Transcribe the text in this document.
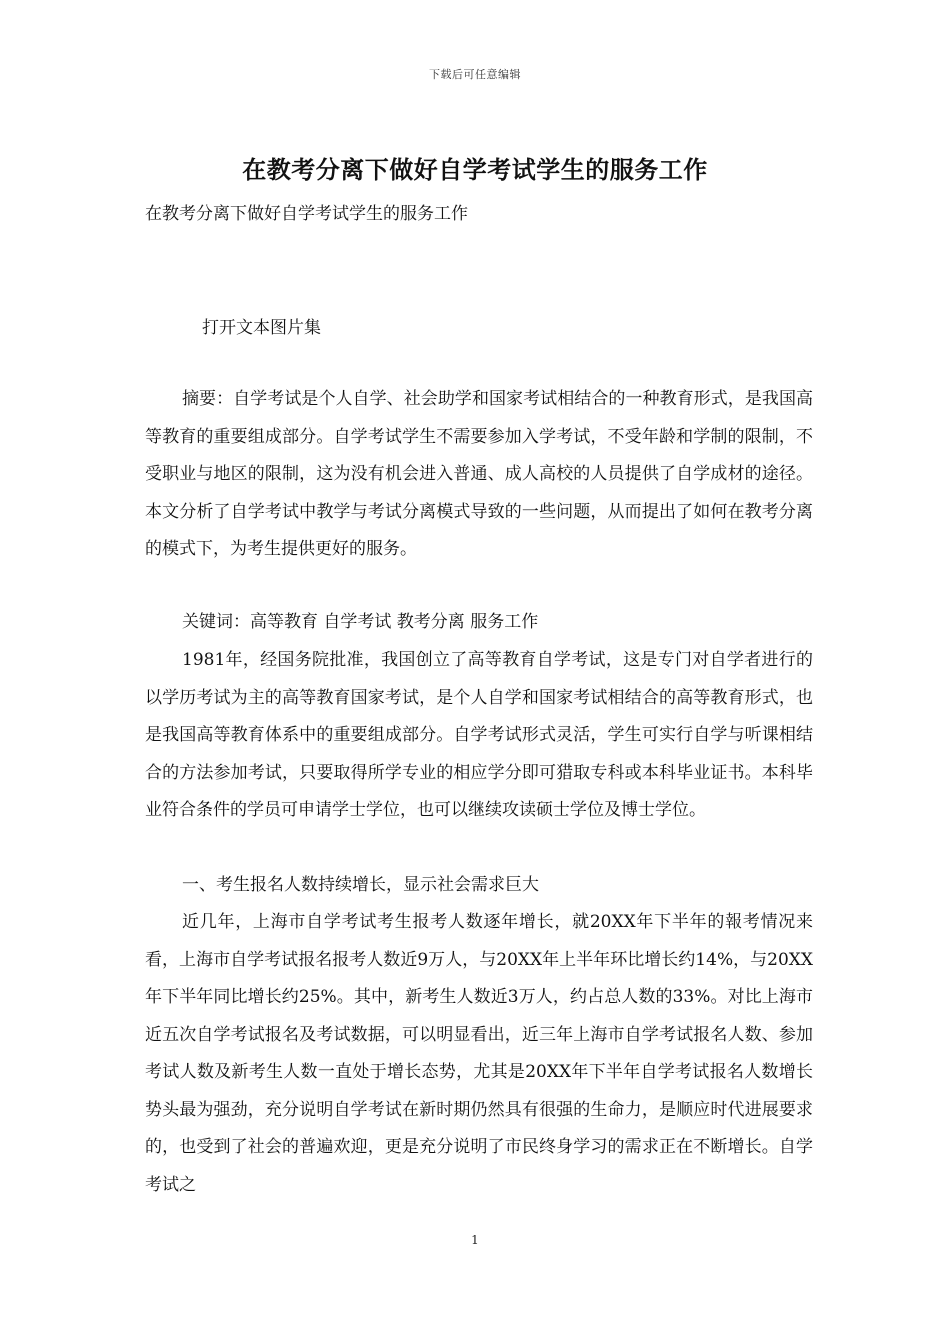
下载后可任意编辑
在教考分离下做好自学考试学生的服务工作

在教考分离下做好自学考试学生的服务工作

打开文本图片集

摘要：自学考试是个人自学、社会助学和国家考试相结合的一种教育形式，是我国高等教育的重要组成部分。自学考试学生不需要参加入学考试，不受年龄和学制的限制，不受职业与地区的限制，这为没有机会进入普通、成人高校的人员提供了自学成材的途径。本文分析了自学考试中教学与考试分离模式导致的一些问题，从而提出了如何在教考分离的模式下，为考生提供更好的服务。

关键词：高等教育 自学考试 教考分离 服务工作

1981年，经国务院批准，我国创立了高等教育自学考试，这是专门对自学者进行的以学历考试为主的高等教育国家考试，是个人自学和国家考试相结合的高等教育形式，也是我国高等教育体系中的重要组成部分。自学考试形式灵活，学生可实行自学与听课相结合的方法参加考试，只要取得所学专业的相应学分即可猎取专科或本科毕业证书。本科毕业符合条件的学员可申请学士学位，也可以继续攻读硕士学位及博士学位。

一、考生报名人数持续增长，显示社会需求巨大

近几年，上海市自学考试考生报考人数逐年增长，就20XX年下半年的報考情况来看，上海市自学考试报名报考人数近9万人，与20XX年上半年环比增长约14%，与20XX年下半年同比增长约25%。其中，新考生人数近3万人，约占总人数的33%。对比上海市近五次自学考试报名及考试数据，可以明显看出，近三年上海市自学考试报名人数、参加考试人数及新考生人数一直处于增长态势，尤其是20XX年下半年自学考试报名人数增长势头最为强劲，充分说明自学考试在新时期仍然具有很强的生命力，是顺应时代进展要求的，也受到了社会的普遍欢迎，更是充分说明了市民终身学习的需求正在不断增长。自学考试之

1
